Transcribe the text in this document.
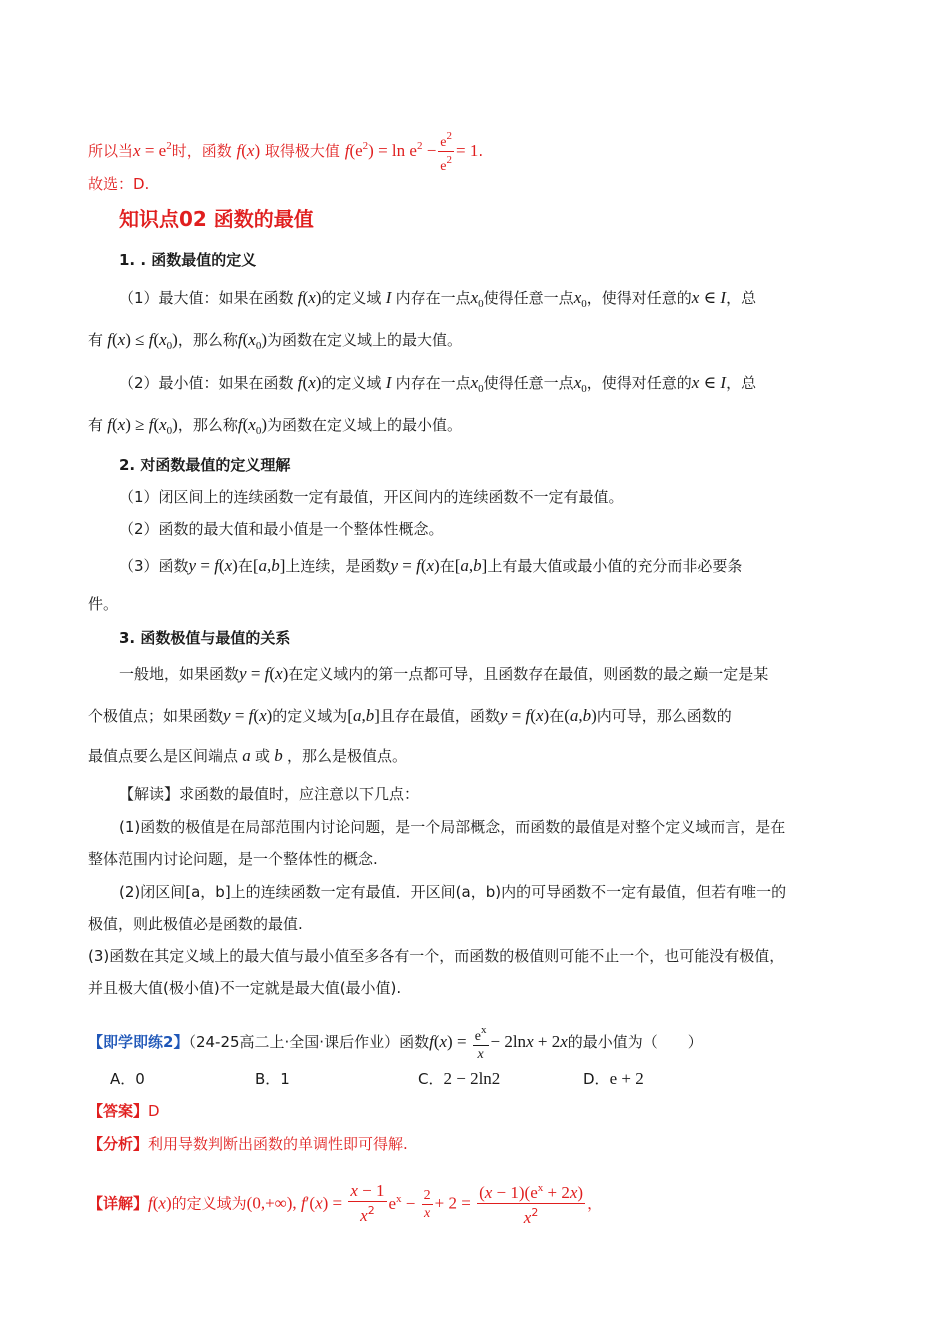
所以当$x = e^2$时，函数 f(x) 取得极大值 $f(e^2) = \ln e^2 - \frac{e^2}{e^2} = 1$.
故选：D.
知识点02 函数的最值
1. . 函数最值的定义
（1）最大值：如果在函数 f(x)的定义域 I 内存在一点$x_0$使得任意一点$x_0$，使得对任意的x ∈ I，总
有 $f(x) \le f(x_0)$，那么称$f(x_0)$为函数在定义域上的最大值。
（2）最小值：如果在函数 f(x)的定义域 I 内存在一点$x_0$使得任意一点$x_0$，使得对任意的x ∈ I，总
有 $f(x) \ge f(x_0)$，那么称$f(x_0)$为函数在定义域上的最小值。
2. 对函数最值的定义理解
（1）闭区间上的连续函数一定有最值，开区间内的连续函数不一定有最值。
（2）函数的最大值和最小值是一个整体性概念。
（3）函数y = f(x)在[a,b]上连续，是函数y = f(x)在[a,b]上有最大值或最小值的充分而非必要条
件。
3. 函数极值与最值的关系
一般地，如果函数y = f(x)在定义域内的第一点都可导，且函数存在最值，则函数的最之巅一定是某
个极值点；如果函数y = f(x)的定义域为[a,b]且存在最值，函数y = f(x)在(a,b)内可导，那么函数的
最值点要么是区间端点 a 或 b ，那么是极值点。
【解读】求函数的最值时，应注意以下几点：
(1)函数的极值是在局部范围内讨论问题，是一个局部概念，而函数的最值是对整个定义域而言，是在
整体范围内讨论问题，是一个整体性的概念.
(2)闭区间[a，b]上的连续函数一定有最值．开区间(a，b)内的可导函数不一定有最值，但若有唯一的
极值，则此极值必是函数的最值.
(3)函数在其定义域上的最大值与最小值至多各有一个，而函数的极值则可能不止一个，也可能没有极值，
并且极大值(极小值)不一定就是最大值(最小值).
【即学即练2】（24-25高二上·全国·课后作业）函数$f(x) = \frac{e^x}{x} - 2\ln x + 2x$的最小值为（　　）
A．0	B．1	C．2 − 2ln2	D．e + 2
【答案】D
【分析】利用导数判断出函数的单调性即可得解.
【详解】f(x)的定义域为(0,+∞), $f'(x) = \frac{x - 1}{x^2} e^x - \frac{2}{x} + 2 = \frac{(x - 1)(e^x + 2x)}{x^2}$ ，
